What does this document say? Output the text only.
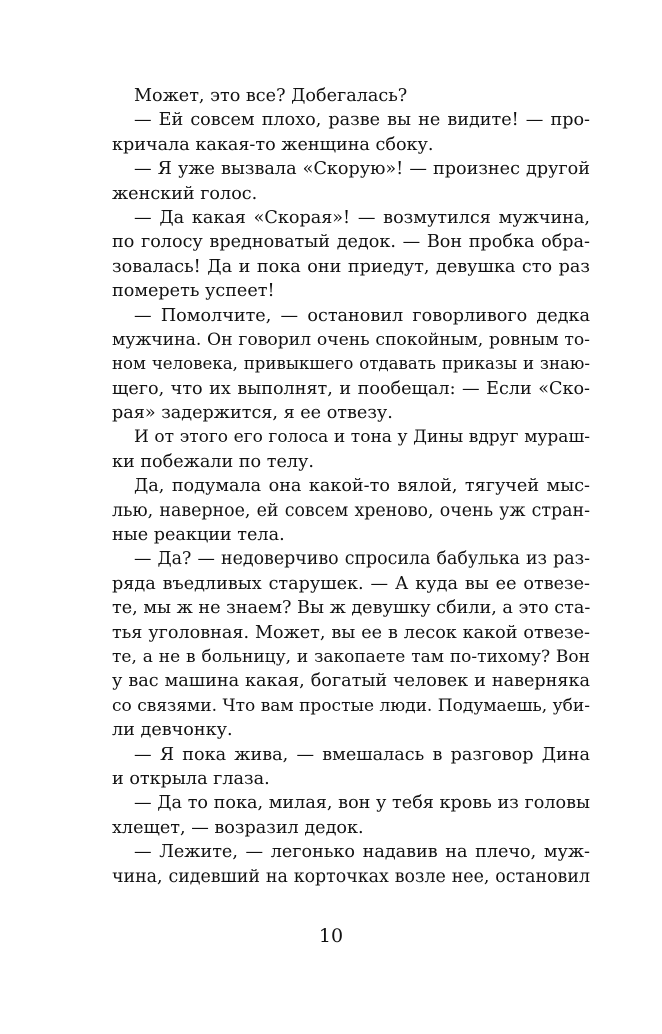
Может, это все? Добегалась?
— Ей совсем плохо, разве вы не видите! — про-
кричала какая-то женщина сбоку.
— Я уже вызвала «Скорую»! — произнес другой
женский голос.
— Да какая «Скорая»! — возмутился мужчина,
по голосу вредноватый дедок. — Вон пробка обра-
зовалась! Да и пока они приедут, девушка сто раз
помереть успеет!
— Помолчите, — остановил говорливого дедка
мужчина. Он говорил очень спокойным, ровным то-
ном человека, привыкшего отдавать приказы и знаю-
щего, что их выполнят, и пообещал: — Если «Ско-
рая» задержится, я ее отвезу.
И от этого его голоса и тона у Дины вдруг мураш-
ки побежали по телу.
Да, подумала она какой-то вялой, тягучей мыс-
лью, наверное, ей совсем хреново, очень уж стран-
ные реакции тела.
— Да? — недоверчиво спросила бабулька из раз-
ряда въедливых старушек. — А куда вы ее отвезе-
те, мы ж не знаем? Вы ж девушку сбили, а это ста-
тья уголовная. Может, вы ее в лесок какой отвезе-
те, а не в больницу, и закопаете там по-тихому? Вон
у вас машина какая, богатый человек и наверняка
со связями. Что вам простые люди. Подумаешь, уби-
ли девчонку.
— Я пока жива, — вмешалась в разговор Дина
и открыла глаза.
— Да то пока, милая, вон у тебя кровь из головы
хлещет, — возразил дедок.
— Лежите, — легонько надавив на плечо, муж-
чина, сидевший на корточках возле нее, остановил
10
